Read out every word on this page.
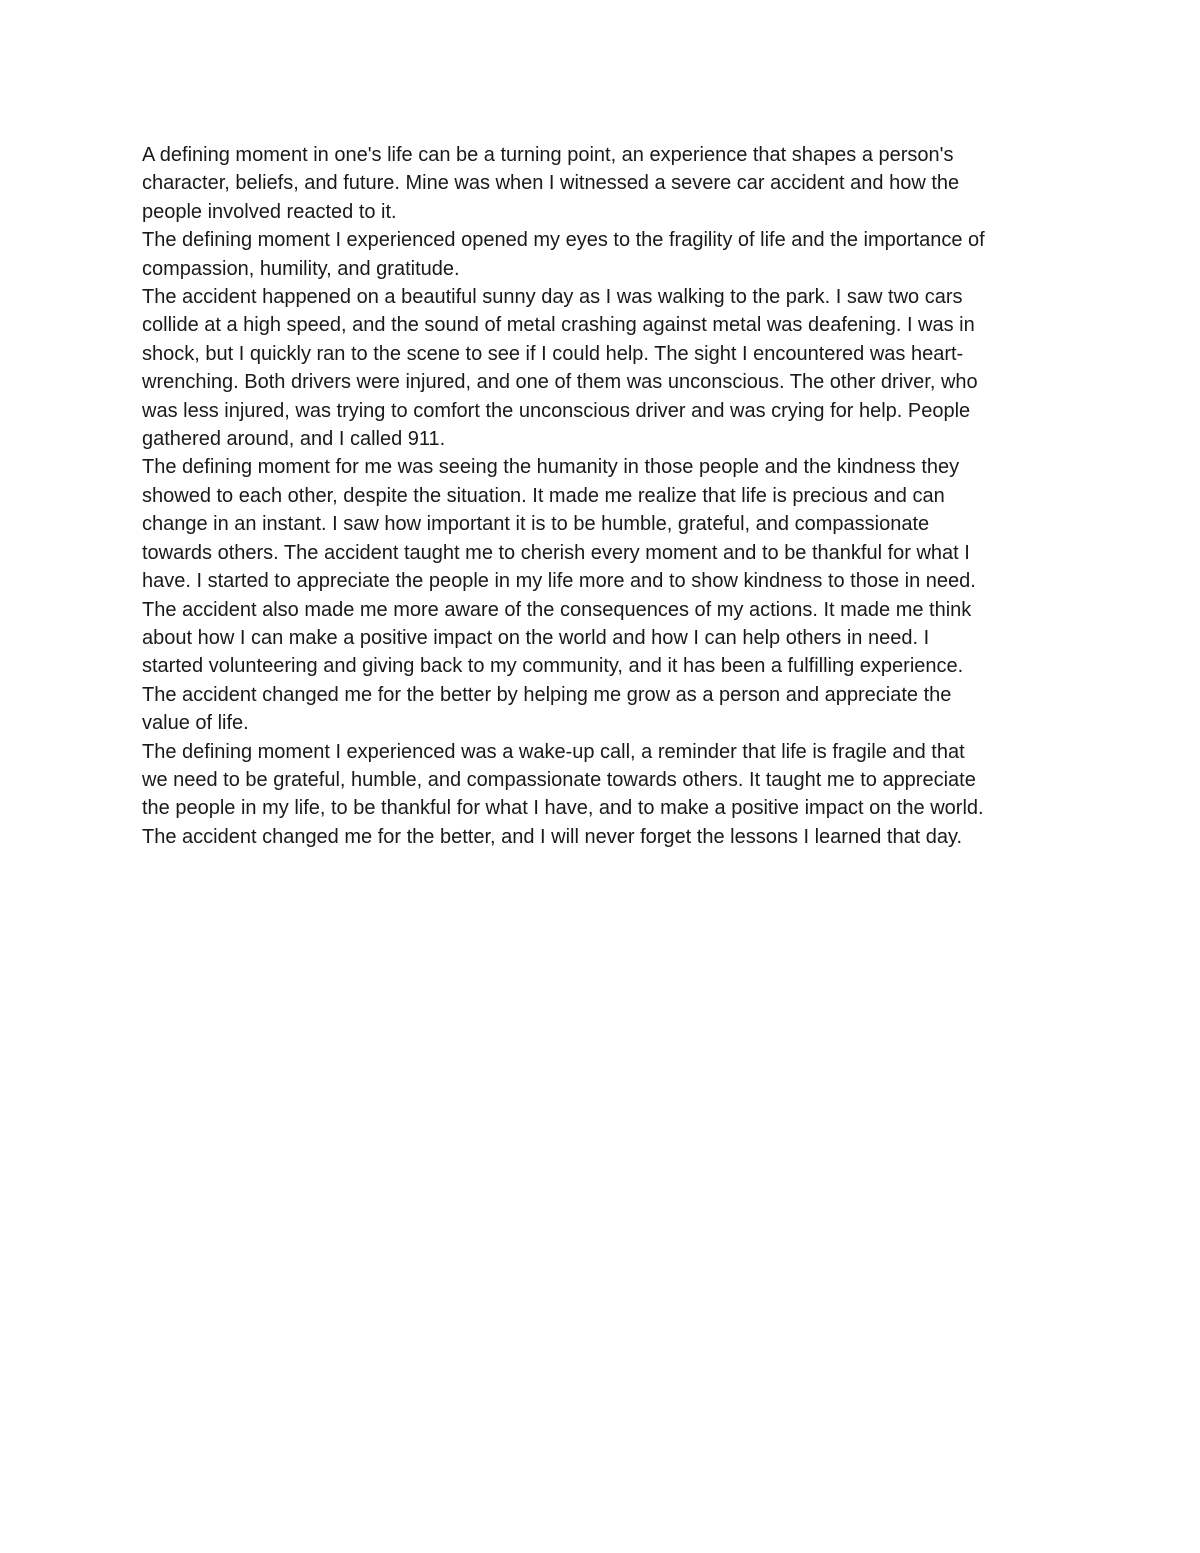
A defining moment in one's life can be a turning point, an experience that shapes a person's
character, beliefs, and future. Mine was when I witnessed a severe car accident and how the
people involved reacted to it.

The defining moment I experienced opened my eyes to the fragility of life and the importance of
compassion, humility, and gratitude.

The accident happened on a beautiful sunny day as I was walking to the park. I saw two cars
collide at a high speed, and the sound of metal crashing against metal was deafening. I was in
shock, but I quickly ran to the scene to see if I could help. The sight I encountered was heart-
wrenching. Both drivers were injured, and one of them was unconscious. The other driver, who
was less injured, was trying to comfort the unconscious driver and was crying for help. People
gathered around, and I called 911.

The defining moment for me was seeing the humanity in those people and the kindness they
showed to each other, despite the situation. It made me realize that life is precious and can
change in an instant. I saw how important it is to be humble, grateful, and compassionate
towards others. The accident taught me to cherish every moment and to be thankful for what I
have. I started to appreciate the people in my life more and to show kindness to those in need.

The accident also made me more aware of the consequences of my actions. It made me think
about how I can make a positive impact on the world and how I can help others in need. I
started volunteering and giving back to my community, and it has been a fulfilling experience.

The accident changed me for the better by helping me grow as a person and appreciate the
value of life.

The defining moment I experienced was a wake-up call, a reminder that life is fragile and that
we need to be grateful, humble, and compassionate towards others. It taught me to appreciate
the people in my life, to be thankful for what I have, and to make a positive impact on the world.
The accident changed me for the better, and I will never forget the lessons I learned that day.
